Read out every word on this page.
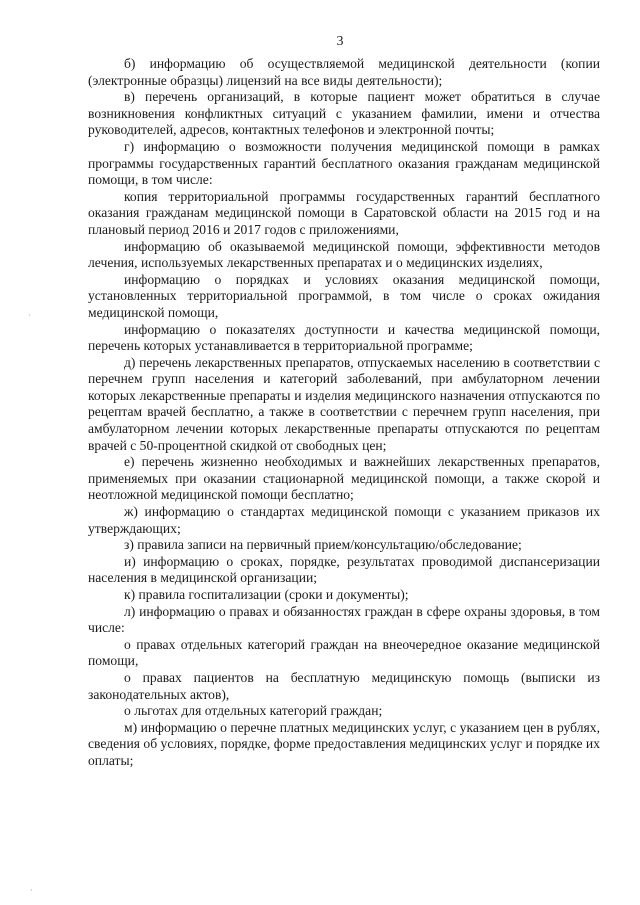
3

б) информацию об осуществляемой медицинской деятельности (копии (электронные образцы) лицензий на все виды деятельности);

в) перечень организаций, в которые пациент может обратиться в случае возникновения конфликтных ситуаций с указанием фамилии, имени и отчества руководителей, адресов, контактных телефонов и электронной почты;

г) информацию о возможности получения медицинской помощи в рамках программы государственных гарантий бесплатного оказания гражданам медицинской помощи, в том числе:

копия территориальной программы государственных гарантий бесплатного оказания гражданам медицинской помощи в Саратовской области на 2015 год и на плановый период 2016 и 2017 годов с приложениями,

информацию об оказываемой медицинской помощи, эффективности методов лечения, используемых лекарственных препаратах и о медицинских изделиях,

информацию о порядках и условиях оказания медицинской помощи, установленных территориальной программой, в том числе о сроках ожидания медицинской помощи,

информацию о показателях доступности и качества медицинской помощи, перечень которых устанавливается в территориальной программе;

д) перечень лекарственных препаратов, отпускаемых населению в соответствии с перечнем групп населения и категорий заболеваний, при амбулаторном лечении которых лекарственные препараты и изделия медицинского назначения отпускаются по рецептам врачей бесплатно, а также в соответствии с перечнем групп населения, при амбулаторном лечении которых лекарственные препараты отпускаются по рецептам врачей с 50-процентной скидкой от свободных цен;

е) перечень жизненно необходимых и важнейших лекарственных препаратов, применяемых при оказании стационарной медицинской помощи, а также скорой и неотложной медицинской помощи бесплатно;

ж) информацию о стандартах медицинской помощи с указанием приказов их утверждающих;

з) правила записи на первичный прием/консультацию/обследование;

и) информацию о сроках, порядке, результатах проводимой диспансеризации населения в медицинской организации;

к) правила госпитализации (сроки и документы);

л) информацию о правах и обязанностях граждан в сфере охраны здоровья, в том числе:

о правах отдельных категорий граждан на внеочередное оказание медицинской помощи,

о правах пациентов на бесплатную медицинскую помощь (выписки из законодательных актов),

о льготах для отдельных категорий граждан;

м) информацию о перечне платных медицинских услуг, с указанием цен в рублях, сведения об условиях, порядке, форме предоставления медицинских услуг и порядке их оплаты;

·
·
